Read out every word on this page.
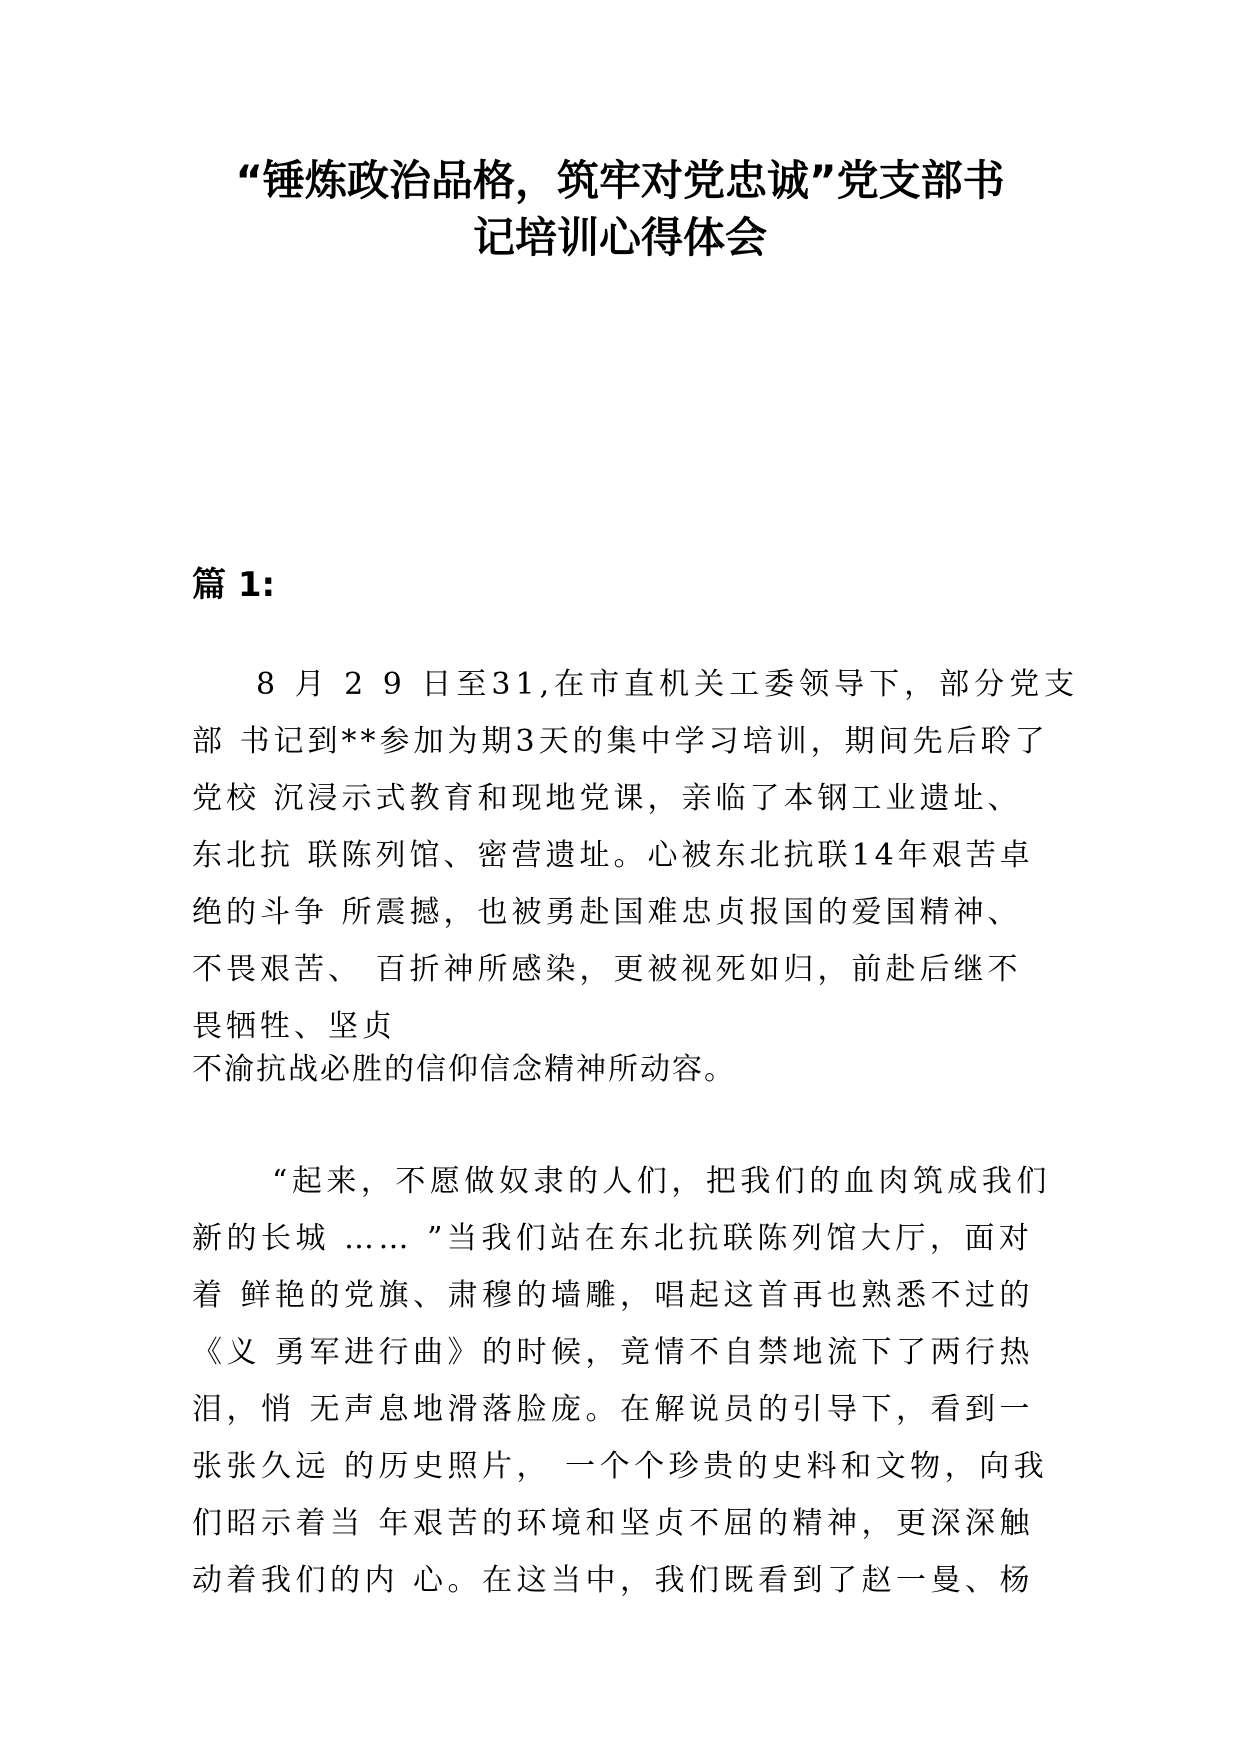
“锤炼政治品格，筑牢对党忠诚”党支部书
记培训心得体会
篇 1:
8 月 2 9 日至31,在市直机关工委领导下，部分党支
部 书记到**参加为期3天的集中学习培训，期间先后聆了
党校 沉浸示式教育和现地党课，亲临了本钢工业遗址、
东北抗 联陈列馆、密营遗址。心被东北抗联14年艰苦卓
绝的斗争 所震撼，也被勇赴国难忠贞报国的爱国精神、
不畏艰苦、 百折神所感染，更被视死如归，前赴后继不
畏牺牲、坚贞
不渝抗战必胜的信仰信念精神所动容。
“起来，不愿做奴隶的人们，把我们的血肉筑成我们
新的长城 …… ”当我们站在东北抗联陈列馆大厅，面对
着 鲜艳的党旗、肃穆的墙雕，唱起这首再也熟悉不过的
《义 勇军进行曲》的时候，竟情不自禁地流下了两行热
泪，悄 无声息地滑落脸庞。在解说员的引导下，看到一
张张久远 的历史照片， 一个个珍贵的史料和文物，向我
们昭示着当 年艰苦的环境和坚贞不屈的精神，更深深触
动着我们的内 心。在这当中，我们既看到了赵一曼、杨
